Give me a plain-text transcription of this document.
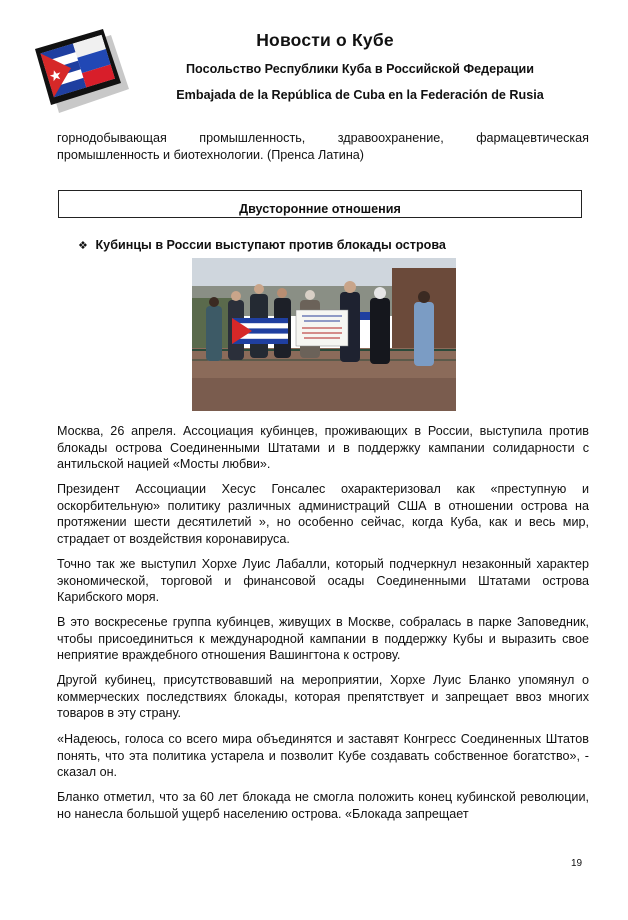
Новости о Кубе
Посольство Республики Куба в Российской Федерации
Embajada de la República de Cuba en la Federación de Rusia
горнодобывающая промышленность, здравоохранение, фармацевтическая промышленность и биотехнологии. (Пренса Латина)
Двусторонние отношения
❖ Кубинцы в России выступают против блокады острова
Москва, 26 апреля. Ассоциация кубинцев, проживающих в России, выступила против блокады острова Соединенными Штатами и в поддержку кампании солидарности с антильской нацией «Мосты любви».
Президент Ассоциации Хесус Гонсалес охарактеризовал как «преступную и оскорбительную» политику различных администраций США в отношении острова на протяжении шести десятилетий », но особенно сейчас, когда Куба, как и весь мир, страдает от воздействия коронавируса.
Точно так же выступил Хорхе Луис Лабалли, который подчеркнул незаконный характер экономической, торговой и финансовой осады Соединенными Штатами острова Карибского моря.
В это воскресенье группа кубинцев, живущих в Москве, собралась в парке Заповедник, чтобы присоединиться к международной кампании в поддержку Кубы и выразить свое неприятие враждебного отношения Вашингтона к острову.
Другой кубинец, присутствовавший на мероприятии, Хорхе Луис Бланко упомянул о коммерческих последствиях блокады, которая препятствует и запрещает ввоз многих товаров в эту страну.
«Надеюсь, голоса со всего мира объединятся и заставят Конгресс Соединенных Штатов понять, что эта политика устарела и позволит Кубе создавать собственное богатство», - сказал он.
Бланко отметил, что за 60 лет блокада не смогла положить конец кубинской революции, но нанесла большой ущерб населению острова. «Блокада запрещает
19
